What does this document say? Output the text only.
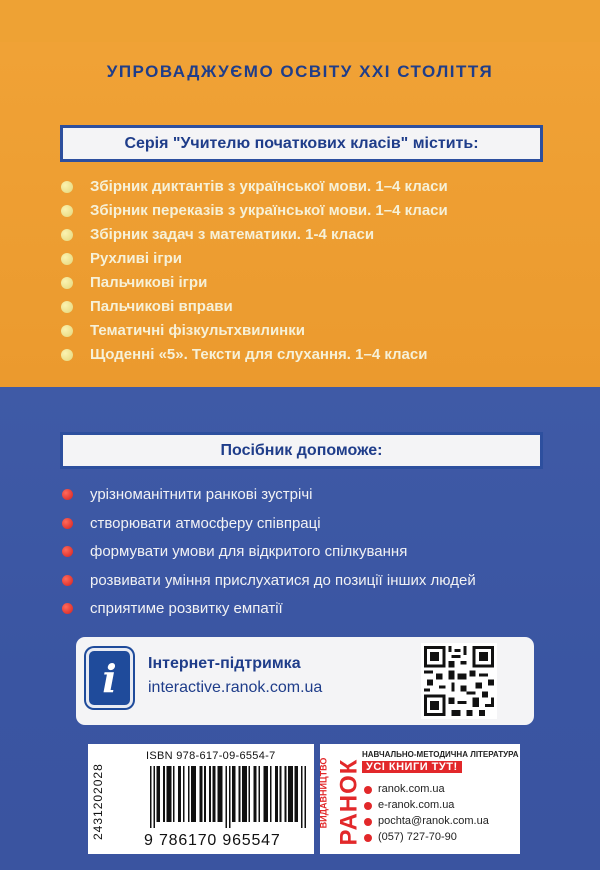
УПРОВАДЖУЄМО ОСВІТУ XXI СТОЛІТТЯ
Серія "Учителю початкових класів" містить:
Збірник диктантів з української мови. 1–4 класи
Збірник переказів з української мови. 1–4 класи
Збірник задач з математики. 1-4 класи
Рухливі ігри
Пальчикові ігри
Пальчикові вправи
Тематичні фізкультхвилинки
Щоденні «5». Тексти для слухання. 1–4 класи
Посібник допоможе:
урізноманітнити ранкові зустрічі
створювати атмосферу співпраці
формувати умови для відкритого спілкування
розвивати уміння прислухатися до позиції інших людей
сприятиме розвитку емпатії
i	Інтернет-підтримка
interactive.ranok.com.ua
ISBN 978-617-09-6554-7
2431202028
9 786170 965547
ВИДАВНИЦТВО РАНОК
НАВЧАЛЬНО-МЕТОДИЧНА ЛІТЕРАТУРА
УСІ КНИГИ ТУТ!
ranok.com.ua
e-ranok.com.ua
pochta@ranok.com.ua
(057) 727-70-90
